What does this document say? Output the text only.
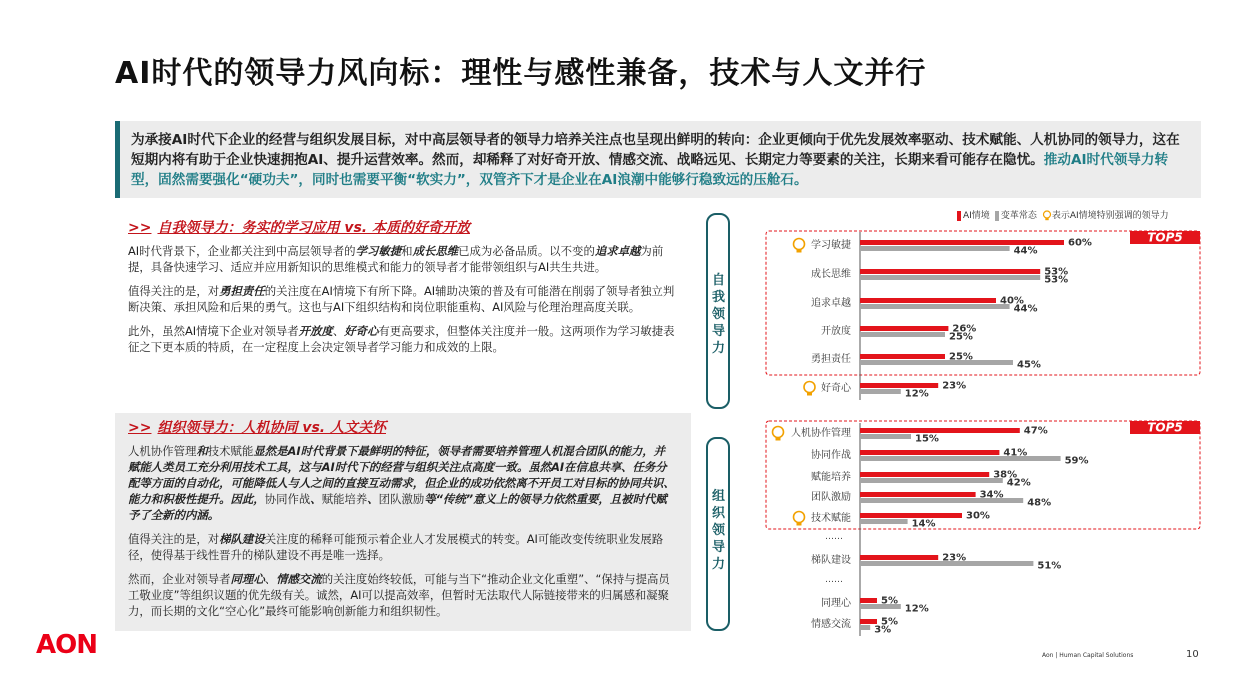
AI时代的领导力风向标：理性与感性兼备，技术与人文并行
为承接AI时代下企业的经营与组织发展目标，对中高层领导者的领导力培养关注点也呈现出鲜明的转向：企业更倾向于优先发展效率驱动、技术赋能、人机协同的领导力，这在短期内将有助于企业快速拥抱AI、提升运营效率。然而，却稀释了对好奇开放、情感交流、战略远见、长期定力等要素的关注，长期来看可能存在隐忧。推动AI时代领导力转型，固然需要强化“硬功夫”，同时也需要平衡“软实力”，双管齐下才是企业在AI浪潮中能够行稳致远的压舱石。
>> 自我领导力：务实的学习应用 vs. 本质的好奇开放

AI时代背景下，企业都关注到中高层领导者的学习敏捷和成长思维已成为必备品质。以不变的追求卓越为前提，具备快速学习、适应并应用新知识的思维模式和能力的领导者才能带领组织与AI共生共进。

值得关注的是，对勇担责任的关注度在AI情境下有所下降。AI辅助决策的普及有可能潜在削弱了领导者独立判断决策、承担风险和后果的勇气。这也与AI下组织结构和岗位职能重构、AI风险与伦理治理高度关联。

此外，虽然AI情境下企业对领导者开放度、好奇心有更高要求，但整体关注度并一般。这两项作为学习敏捷表征之下更本质的特质，在一定程度上会决定领导者学习能力和成效的上限。

>> 组织领导力：人机协同 vs. 人文关怀

人机协作管理和技术赋能显然是AI时代背景下最鲜明的特征，领导者需要培养管理人机混合团队的能力，并赋能人类员工充分利用技术工具，这与AI时代下的经营与组织关注点高度一致。虽然AI在信息共享、任务分配等方面的自动化，可能降低人与人之间的直接互动需求，但企业的成功依然离不开员工对目标的协同共识、能力和积极性提升。因此，协同作战、赋能培养、团队激励等“传统”意义上的领导力依然重要，且被时代赋予了全新的内涵。

值得关注的是，对梯队建设关注度的稀释可能预示着企业人才发展模式的转变。AI可能改变传统职业发展路径，使得基于线性晋升的梯队建设不再是唯一选择。

然而，企业对领导者同理心、情感交流的关注度始终较低，可能与当下“推动企业文化重塑”、“保持与提高员工敬业度”等组织议题的优先级有关。诚然，AI可以提高效率，但暂时无法取代人际链接带来的归属感和凝聚力，而长期的文化“空心化”最终可能影响创新能力和组织韧性。

自我领导力
组织领导力
AI情境	变革常态	表示AI情境特别强调的领导力
TOP5
TOP5
……
……
学习敏捷	60%
44%
成长思维	53%
53%
追求卓越	40%
44%
开放度	26%
25%
勇担责任	25%
45%
好奇心	23%
12%
人机协作管理	47%
15%
协同作战	41%
59%
赋能培养	38%
42%
团队激励	34%
48%
技术赋能	30%
14%
梯队建设	23%
51%
同理心	5%
12%
情感交流	5%
3%
Aon | Human Capital Solutions	10
AON
